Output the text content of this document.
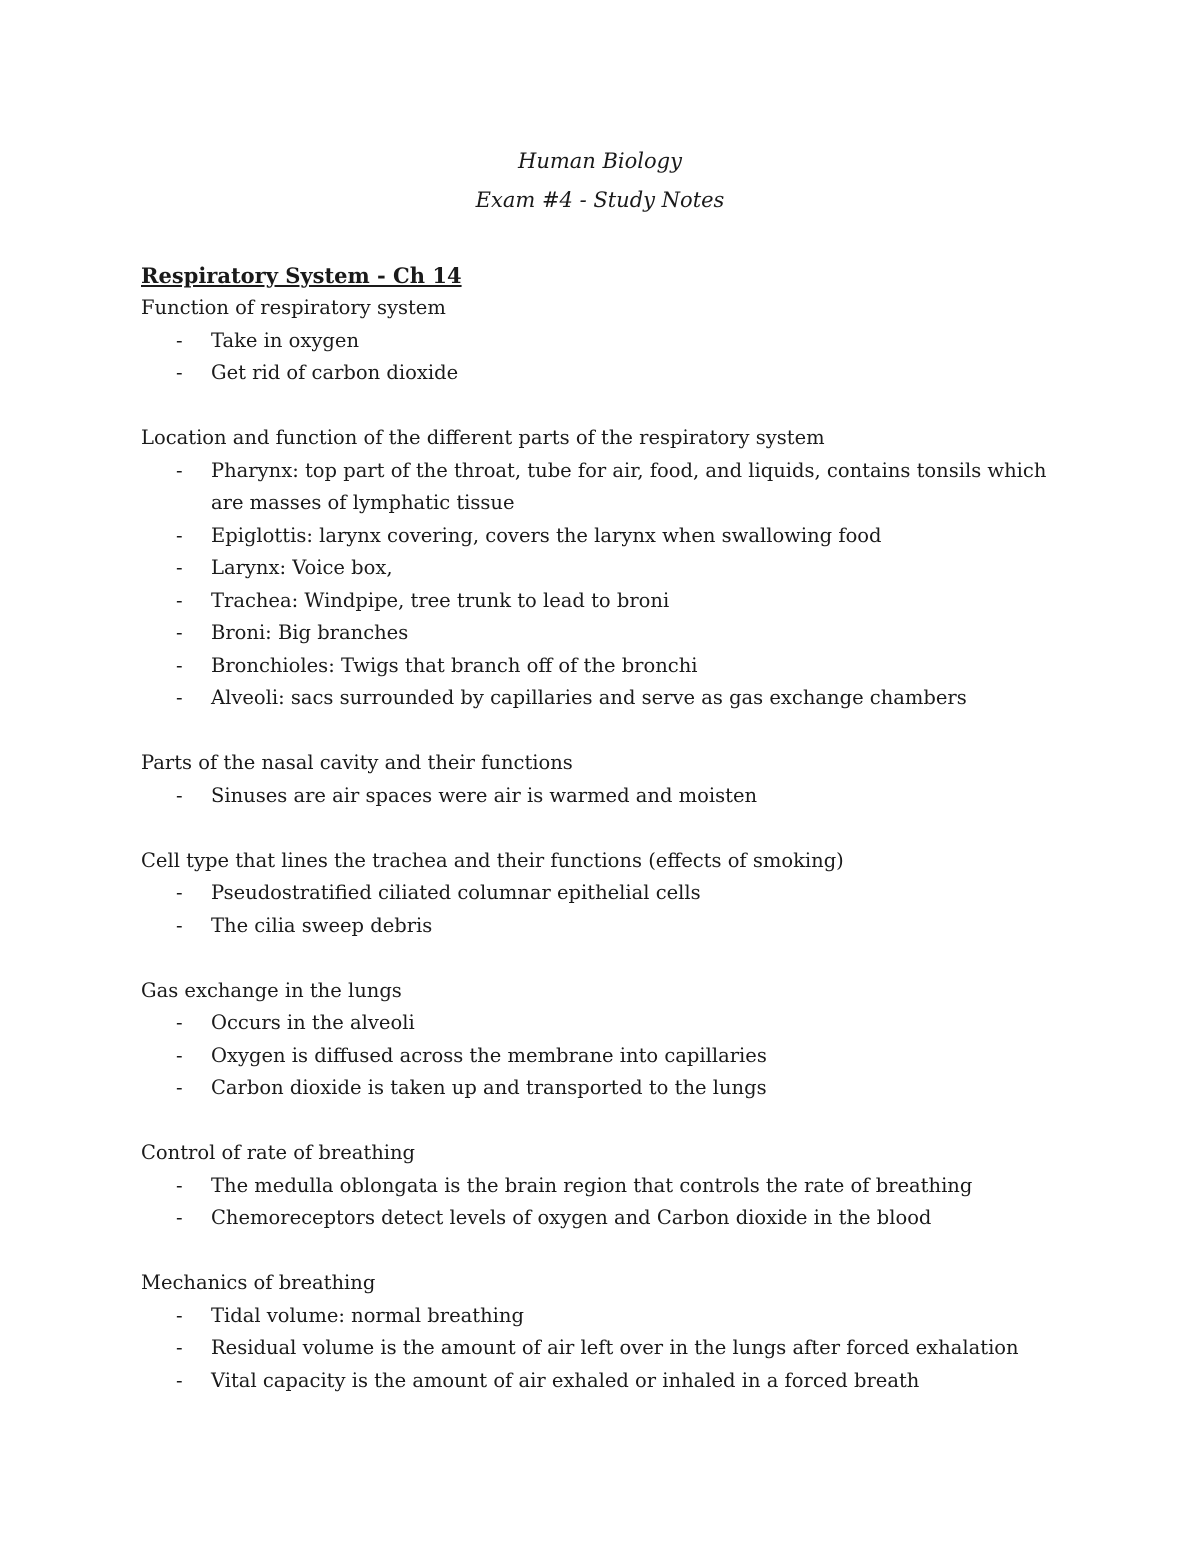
Human Biology
Exam #4 - Study Notes
Respiratory System - Ch 14
Function of respiratory system
- Take in oxygen
- Get rid of carbon dioxide
Location and function of the different parts of the respiratory system
- Pharynx: top part of the throat, tube for air, food, and liquids, contains tonsils which are masses of lymphatic tissue
- Epiglottis: larynx covering, covers the larynx when swallowing food
- Larynx: Voice box,
- Trachea: Windpipe, tree trunk to lead to broni
- Broni: Big branches
- Bronchioles: Twigs that branch off of the bronchi
- Alveoli: sacs surrounded by capillaries and serve as gas exchange chambers
Parts of the nasal cavity and their functions
- Sinuses are air spaces were air is warmed and moisten
Cell type that lines the trachea and their functions (effects of smoking)
- Pseudostratified ciliated columnar epithelial cells
- The cilia sweep debris
Gas exchange in the lungs
- Occurs in the alveoli
- Oxygen is diffused across the membrane into capillaries
- Carbon dioxide is taken up and transported to the lungs
Control of rate of breathing
- The medulla oblongata is the brain region that controls the rate of breathing
- Chemoreceptors detect levels of oxygen and Carbon dioxide in the blood
Mechanics of breathing
- Tidal volume: normal breathing
- Residual volume is the amount of air left over in the lungs after forced exhalation
- Vital capacity is the amount of air exhaled or inhaled in a forced breath
